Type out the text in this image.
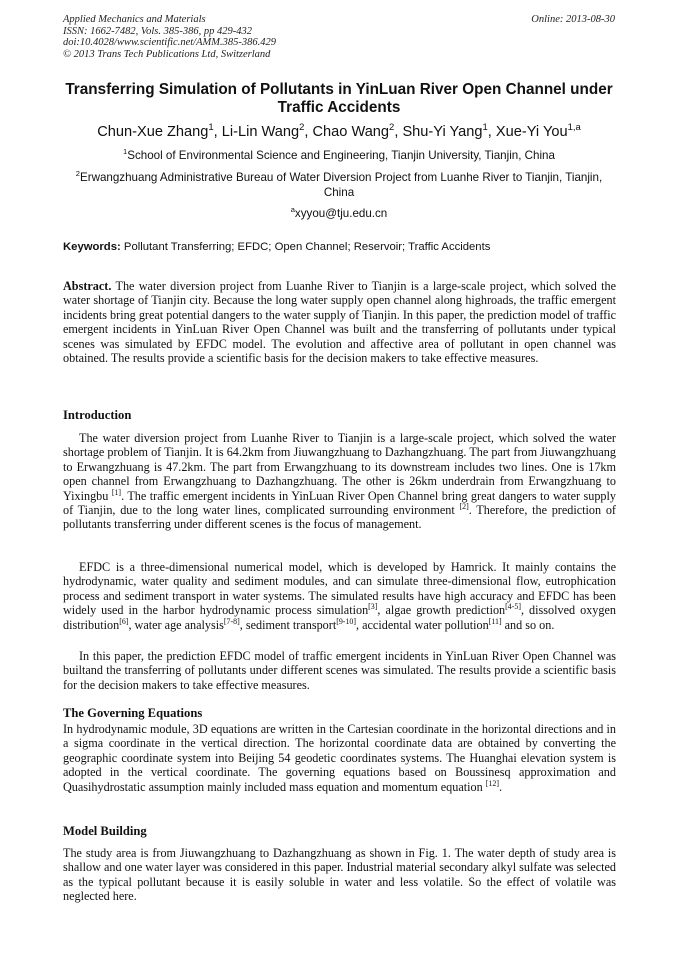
Applied Mechanics and Materials
ISSN: 1662-7482, Vols. 385-386, pp 429-432
doi:10.4028/www.scientific.net/AMM.385-386.429
© 2013 Trans Tech Publications Ltd, Switzerland
Online: 2013-08-30
Transferring Simulation of Pollutants in YinLuan River Open Channel under Traffic Accidents
Chun-Xue Zhang$^1$, Li-Lin Wang$^2$, Chao Wang$^2$, Shu-Yi Yang$^1$, Xue-Yi You$^{1,a}$
$^1$School of Environmental Science and Engineering, Tianjin University, Tianjin, China
$^2$Erwangzhuang Administrative Bureau of Water Diversion Project from Luanhe River to Tianjin, Tianjin, China
$^a$xyyou@tju.edu.cn
Keywords: Pollutant Transferring; EFDC; Open Channel; Reservoir; Traffic Accidents
Abstract. The water diversion project from Luanhe River to Tianjin is a large-scale project, which solved the water shortage of Tianjin city. Because the long water supply open channel along highroads, the traffic emergent incidents bring great potential dangers to the water supply of Tianjin. In this paper, the prediction model of traffic emergent incidents in YinLuan River Open Channel was built and the transferring of pollutants under typical scenes was simulated by EFDC model. The evolution and affective area of pollutant in open channel was obtained. The results provide a scientific basis for the decision makers to take effective measures.
Introduction
The water diversion project from Luanhe River to Tianjin is a large-scale project, which solved the water shortage problem of Tianjin. It is 64.2km from Jiuwangzhuang to Dazhangzhuang. The part from Jiuwangzhuang to Erwangzhuang is 47.2km. The part from Erwangzhuang to its downstream includes two lines. One is 17km open channel from Erwangzhuang to Dazhangzhuang. The other is 26km underdrain from Erwangzhuang to Yixingbu [1]. The traffic emergent incidents in YinLuan River Open Channel bring great dangers to water supply of Tianjin, due to the long water lines, complicated surrounding environment [2]. Therefore, the prediction of pollutants transferring under different scenes is the focus of management.
EFDC is a three-dimensional numerical model, which is developed by Hamrick. It mainly contains the hydrodynamic, water quality and sediment modules, and can simulate three-dimensional flow, eutrophication process and sediment transport in water systems. The simulated results have high accuracy and EFDC has been widely used in the harbor hydrodynamic process simulation[3], algae growth prediction[4-5], dissolved oxygen distribution[6], water age analysis[7-8], sediment transport[9-10], accidental water pollution[11] and so on.
In this paper, the prediction EFDC model of traffic emergent incidents in YinLuan River Open Channel was builtand the transferring of pollutants under different scenes was simulated. The results provide a scientific basis for the decision makers to take effective measures.
The Governing Equations
In hydrodynamic module, 3D equations are written in the Cartesian coordinate in the horizontal directions and in a sigma coordinate in the vertical direction. The horizontal coordinate data are obtained by converting the geographic coordinate system into Beijing 54 geodetic coordinates systems. The Huanghai elevation system is adopted in the vertical coordinate. The governing equations based on Boussinesq approximation and Quasihydrostatic assumption mainly included mass equation and momentum equation [12].
Model Building
The study area is from Jiuwangzhuang to Dazhangzhuang as shown in Fig. 1. The water depth of study area is shallow and one water layer was considered in this paper. Industrial material secondary alkyl sulfate was selected as the typical pollutant because it is easily soluble in water and less volatile. So the effect of volatile was neglected here.
